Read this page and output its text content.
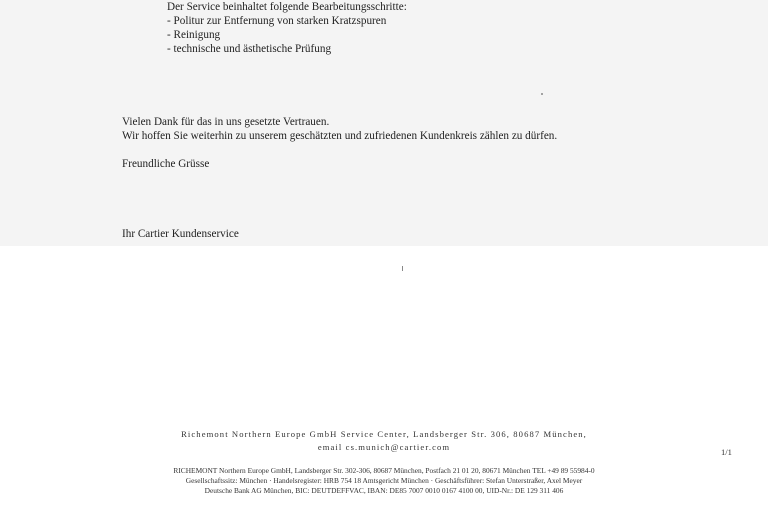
Der Service beinhaltet folgende Bearbeitungsschritte:
- Politur zur Entfernung von starken Kratzspuren
- Reinigung
- technische und ästhetische Prüfung
Vielen Dank für das in uns gesetzte Vertrauen.
Wir hoffen Sie weiterhin zu unserem geschätzten und zufriedenen Kundenkreis zählen zu dürfen.
Freundliche Grüsse
Ihr Cartier Kundenservice
Richemont Northern Europe GmbH Service Center, Landsberger Str. 306, 80687 München,
email cs.munich@cartier.com	1/1
RICHEMONT Northern Europe GmbH, Landsberger Str. 302-306, 80687 München, Postfach 21 01 20, 80671 München TEL +49 89 55984-0
Gesellschaftssitz: München · Handelsregister: HRB 754 18 Amtsgericht München · Geschäftsführer: Stefan Unterstraßer, Axel Meyer
Deutsche Bank AG München, BIC: DEUTDEFFVAC, IBAN: DE85 7007 0010 0167 4100 00, UID-Nr.: DE 129 311 406
